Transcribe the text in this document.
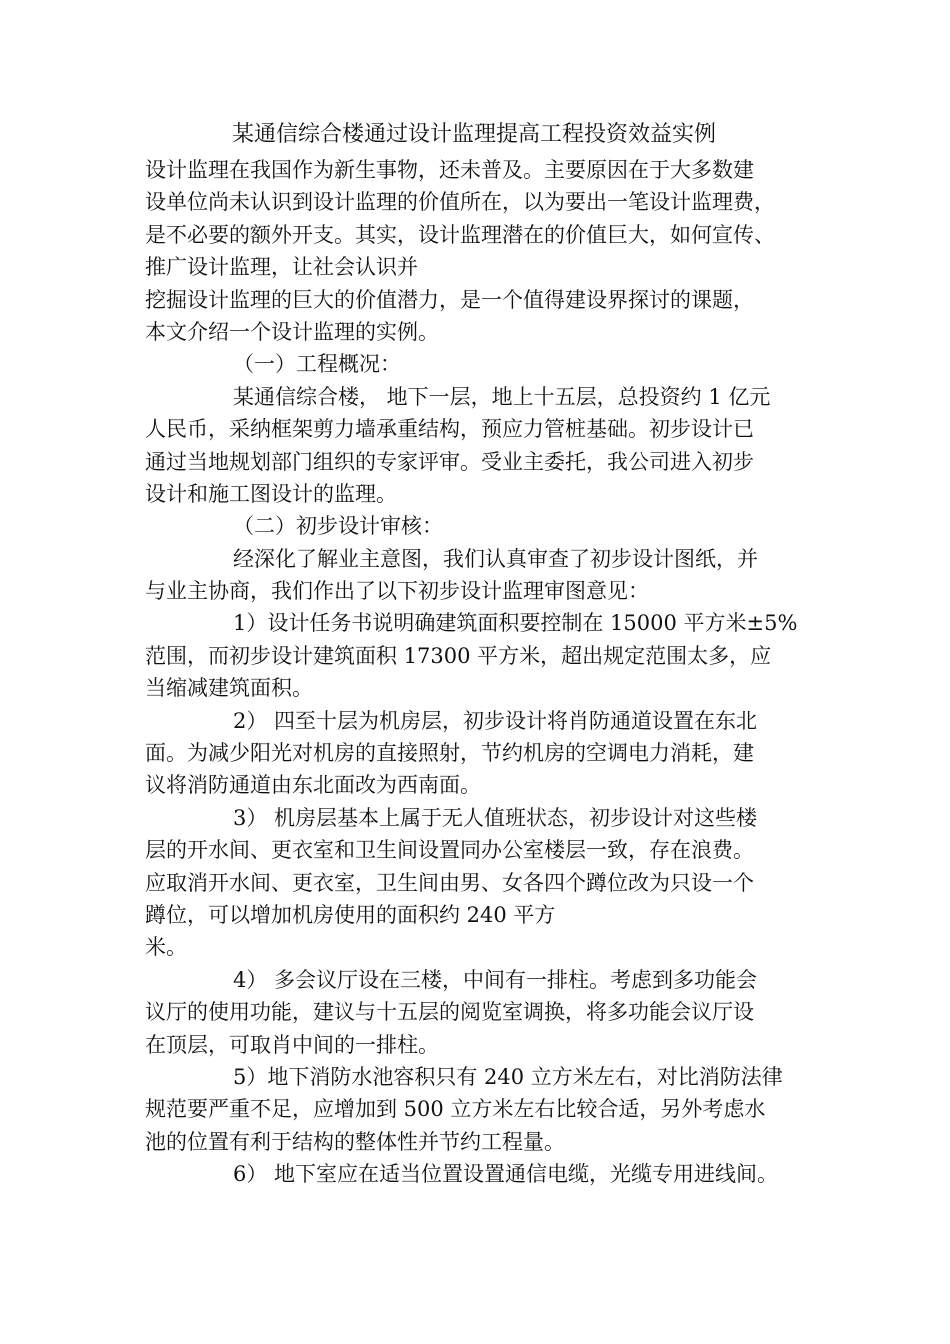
某通信综合楼通过设计监理提高工程投资效益实例
设计监理在我国作为新生事物，还未普及。主要原因在于大多数建
设单位尚未认识到设计监理的价值所在，以为要出一笔设计监理费，
是不必要的额外开支。其实，设计监理潜在的价值巨大，如何宣传、
推广设计监理，让社会认识并
挖掘设计监理的巨大的价值潜力，是一个值得建设界探讨的课题，
本文介绍一个设计监理的实例。
（一）工程概况：
某通信综合楼， 地下一层，地上十五层，总投资约 1 亿元
人民币，采纳框架剪力墙承重结构，预应力管桩基础。初步设计已
通过当地规划部门组织的专家评审。受业主委托，我公司进入初步
设计和施工图设计的监理。
（二）初步设计审核：
经深化了解业主意图，我们认真审查了初步设计图纸，并
与业主协商，我们作出了以下初步设计监理审图意见：
1）设计任务书说明确建筑面积要控制在 15000 平方米±5%
范围，而初步设计建筑面积 17300 平方米，超出规定范围太多，应
当缩减建筑面积。
2） 四至十层为机房层，初步设计将肖防通道设置在东北
面。为减少阳光对机房的直接照射，节约机房的空调电力消耗，建
议将消防通道由东北面改为西南面。
3） 机房层基本上属于无人值班状态，初步设计对这些楼
层的开水间、更衣室和卫生间设置同办公室楼层一致，存在浪费。
应取消开水间、更衣室，卫生间由男、女各四个蹲位改为只设一个
蹲位，可以增加机房使用的面积约 240 平方
米。
4） 多会议厅设在三楼，中间有一排柱。考虑到多功能会
议厅的使用功能，建议与十五层的阅览室调换，将多功能会议厅设
在顶层，可取肖中间的一排柱。
5）地下消防水池容积只有 240 立方米左右，对比消防法律
规范要严重不足，应增加到 500 立方米左右比较合适，另外考虑水
池的位置有利于结构的整体性并节约工程量。
6） 地下室应在适当位置设置通信电缆，光缆专用进线间。
